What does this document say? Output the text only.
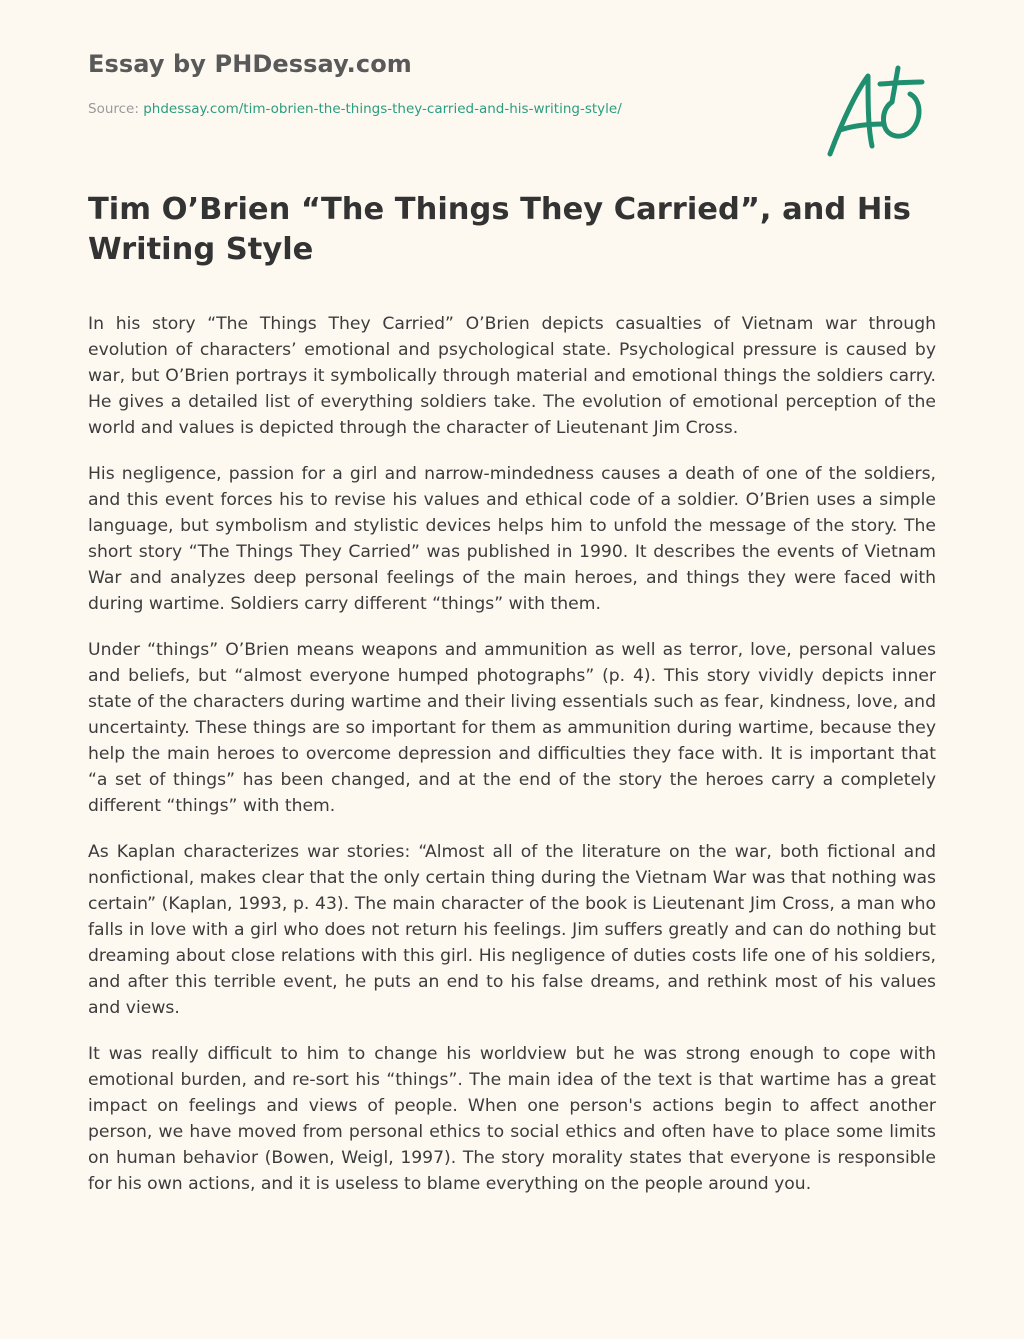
Essay by PHDessay.com
Source: phdessay.com/tim-obrien-the-things-they-carried-and-his-writing-style/
Tim O’Brien “The Things They Carried”, and His Writing Style

In his story “The Things They Carried” O’Brien depicts casualties of Vietnam war through evolution of characters’ emotional and psychological state. Psychological pressure is caused by war, but O’Brien portrays it symbolically through material and emotional things the soldiers carry. He gives a detailed list of everything soldiers take. The evolution of emotional perception of the world and values is depicted through the character of Lieutenant Jim Cross.

His negligence, passion for a girl and narrow-mindedness causes a death of one of the soldiers, and this event forces his to revise his values and ethical code of a soldier. O’Brien uses a simple language, but symbolism and stylistic devices helps him to unfold the message of the story. The short story “The Things They Carried” was published in 1990. It describes the events of Vietnam War and analyzes deep personal feelings of the main heroes, and things they were faced with during wartime. Soldiers carry different “things” with them.

Under “things” O’Brien means weapons and ammunition as well as terror, love, personal values and beliefs, but “almost everyone humped photographs” (p. 4). This story vividly depicts inner state of the characters during wartime and their living essentials such as fear, kindness, love, and uncertainty. These things are so important for them as ammunition during wartime, because they help the main heroes to overcome depression and difficulties they face with. It is important that “a set of things” has been changed, and at the end of the story the heroes carry a completely different “things” with them.

As Kaplan characterizes war stories: “Almost all of the literature on the war, both fictional and nonfictional, makes clear that the only certain thing during the Vietnam War was that nothing was certain” (Kaplan, 1993, p. 43). The main character of the book is Lieutenant Jim Cross, a man who falls in love with a girl who does not return his feelings. Jim suffers greatly and can do nothing but dreaming about close relations with this girl. His negligence of duties costs life one of his soldiers, and after this terrible event, he puts an end to his false dreams, and rethink most of his values and views.

It was really difficult to him to change his worldview but he was strong enough to cope with emotional burden, and re-sort his “things”. The main idea of the text is that wartime has a great impact on feelings and views of people. When one person's actions begin to affect another person, we have moved from personal ethics to social ethics and often have to place some limits on human behavior (Bowen, Weigl, 1997). The story morality states that everyone is responsible for his own actions, and it is useless to blame everything on the people around you.
